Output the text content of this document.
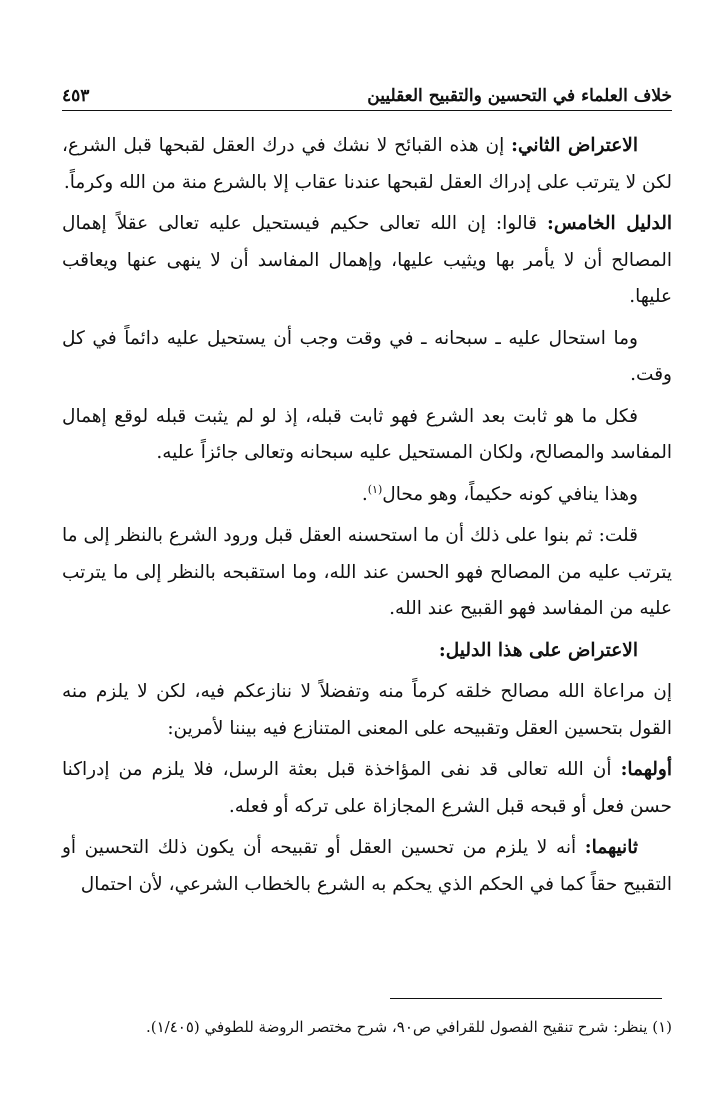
خلاف العلماء في التحسين والتقبيح العقليين
٤٥٣

الاعتراض الثاني: إن هذه القبائح لا نشك في درك العقل لقبحها قبل الشرع، لكن لا يترتب على إدراك العقل لقبحها عندنا عقاب إلا بالشرع منة من الله وكرماً.

الدليل الخامس: قالوا: إن الله تعالى حكيم فيستحيل عليه تعالى عقلاً إهمال المصالح أن لا يأمر بها ويثيب عليها، وإهمال المفاسد أن لا ينهى عنها ويعاقب عليها.

وما استحال عليه ـ سبحانه ـ في وقت وجب أن يستحيل عليه دائماً في كل وقت.

فكل ما هو ثابت بعد الشرع فهو ثابت قبله، إذ لو لم يثبت قبله لوقع إهمال المفاسد والمصالح، ولكان المستحيل عليه سبحانه وتعالى جائزاً عليه.

وهذا ينافي كونه حكيماً، وهو محال$^{(١)}$.

قلت: ثم بنوا على ذلك أن ما استحسنه العقل قبل ورود الشرع بالنظر إلى ما يترتب عليه من المصالح فهو الحسن عند الله، وما استقبحه بالنظر إلى ما يترتب عليه من المفاسد فهو القبيح عند الله.

الاعتراض على هذا الدليل:

إن مراعاة الله مصالح خلقه كرماً منه وتفضلاً لا ننازعكم فيه، لكن لا يلزم منه القول بتحسين العقل وتقبيحه على المعنى المتنازع فيه بيننا لأمرين:

أولهما: أن الله تعالى قد نفى المؤاخذة قبل بعثة الرسل، فلا يلزم من إدراكنا حسن فعل أو قبحه قبل الشرع المجازاة على تركه أو فعله.

ثانيهما: أنه لا يلزم من تحسين العقل أو تقبيحه أن يكون ذلك التحسين أو التقبيح حقاً كما في الحكم الذي يحكم به الشرع بالخطاب الشرعي، لأن احتمال

(١) ينظر: شرح تنقيح الفصول للقرافي ص٩٠، شرح مختصر الروضة للطوفي (١/٤٠٥).
